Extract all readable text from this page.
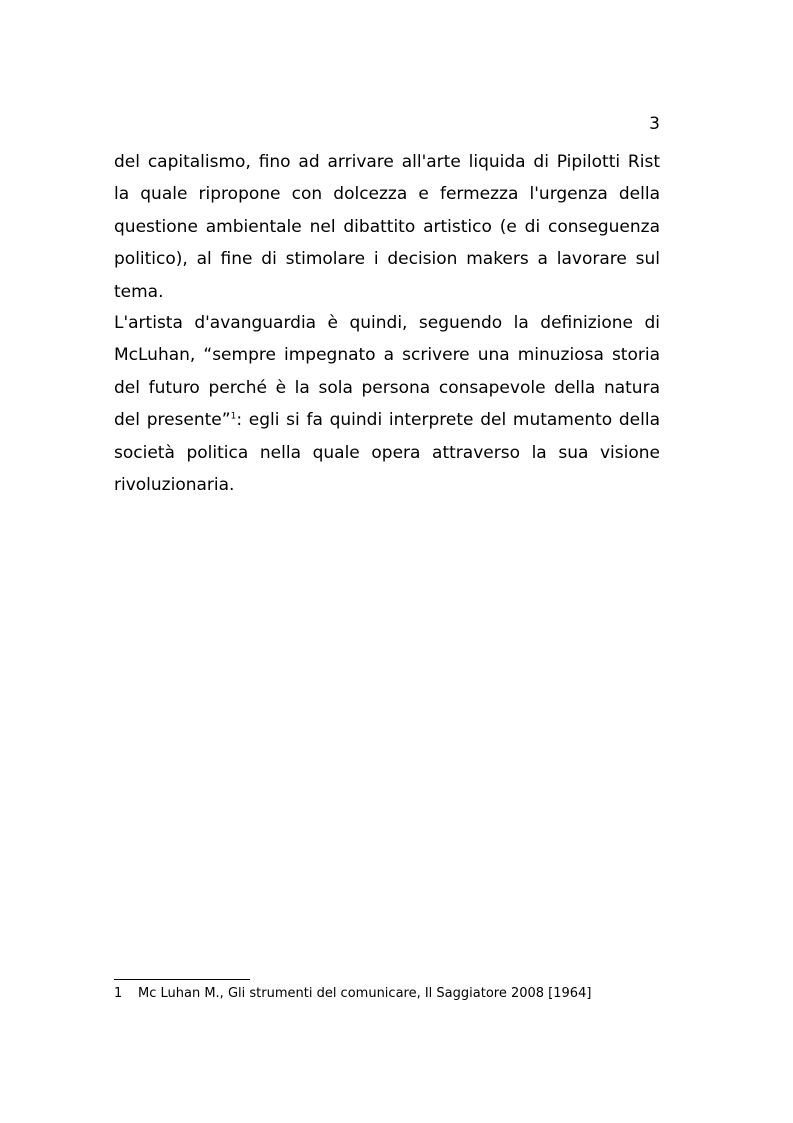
3
del capitalismo, fino ad arrivare all'arte liquida di Pipilotti Rist
la quale ripropone con dolcezza e fermezza l'urgenza della
questione ambientale nel dibattito artistico (e di conseguenza
politico), al fine di stimolare i decision makers a lavorare sul
tema.
L'artista d'avanguardia è quindi, seguendo la definizione di
McLuhan, “sempre impegnato a scrivere una minuziosa storia
del futuro perché è la sola persona consapevole della natura
del presente”$^1$: egli si fa quindi interprete del mutamento della
società politica nella quale opera attraverso la sua visione
rivoluzionaria.
1 Mc Luhan M., Gli strumenti del comunicare, Il Saggiatore 2008 [1964]
